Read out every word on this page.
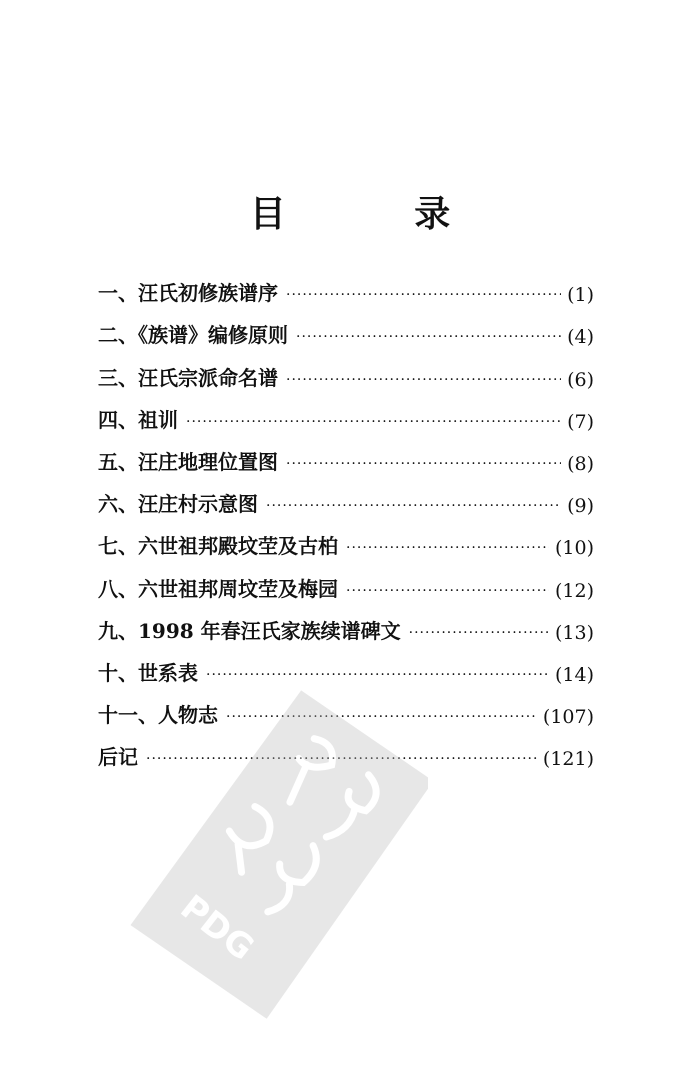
目 录
一、汪氏初修族谱序 ·····	(1)
二、《族谱》编修原则 ·····	(4)
三、汪氏宗派命名谱 ·····	(6)
四、祖训 ·····	(7)
五、汪庄地理位置图 ·····	(8)
六、汪庄村示意图 ·····	(9)
七、六世祖邦殿坟茔及古柏 ·····	(10)
八、六世祖邦周坟茔及梅园 ·····	(12)
九、1998 年春汪氏家族续谱碑文 ·····	(13)
十、世系表 ·····	(14)
十一、人物志 ·····	(107)
后记 ·····	(121)
PDG
